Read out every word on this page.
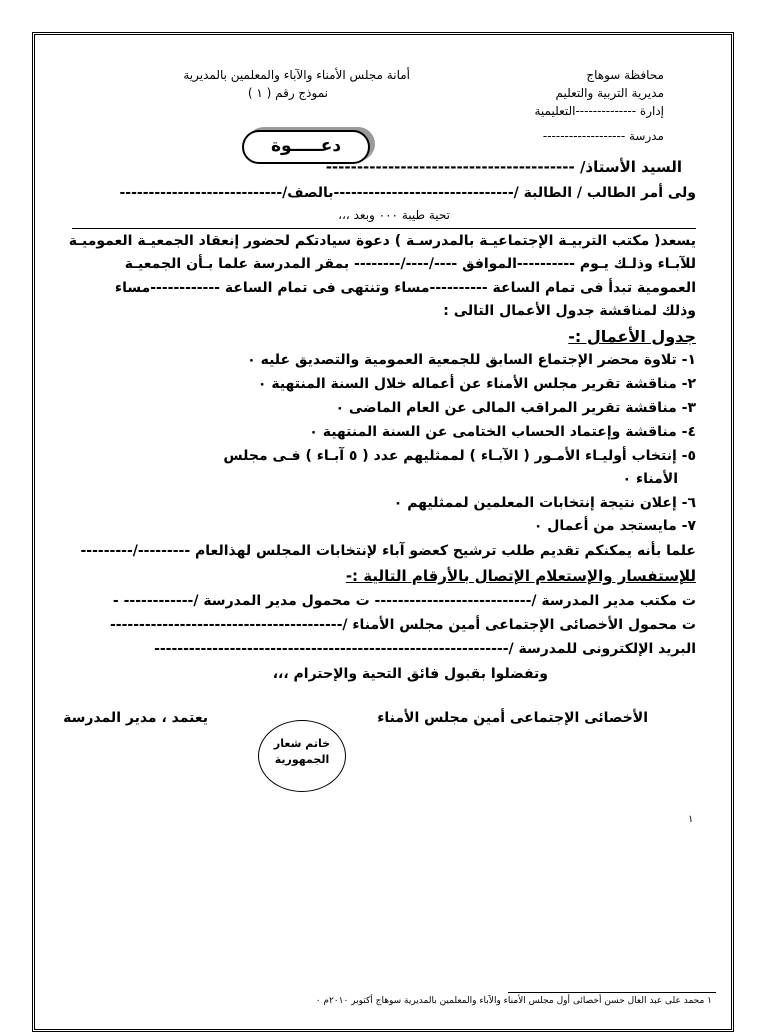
محافظة سوهاج
مديرية التربية والتعليم
إدارة --------------التعليمية
مدرسة -------------------
أمانة مجلس الأمناء والآباء والمعلمين بالمديرية
نموذج رقم ( ١ )
دعـــــوة
السيد الأستاذ/ ----------------------------------------
ولى أمر الطالب / الطالبة /-------------------------------بالصف/----------------------------
تحية طيبة ٠٠٠ وبعد ،،،
يسعد( مكتب التربيـة الإجتماعيـة بالمدرسـة ) دعوة سيادتكم لحضور إنعقاد الجمعيـة العموميـة
للآبـاء وذلـك يـوم ----------الموافق ----/----/-------- بمقر المدرسة علما بـأن الجمعيـة
العمومية تبدأ فى تمام الساعة ----------مساء وتنتهى فى تمام الساعة ------------مساء
وذلك لمناقشة جدول الأعمال التالى :
جدول الأعمال :-
١- تلاوة محضر الإجتماع السابق للجمعية العمومية والتصديق عليه ٠
٢- مناقشة تقرير مجلس الأمناء عن أعماله خلال السنة المنتهية ٠
٣- مناقشة تقرير المراقب المالى عن العام الماضى ٠
٤- مناقشة وإعتماد الحساب الختامى عن السنة المنتهية ٠
٥- إنتخاب أوليـاء الأمـور ( الآبـاء ) لممثليهم عدد ( ٥ آبـاء ) فـى مجلس
الأمناء ٠
٦- إعلان نتيجة إنتخابات المعلمين لممثليهم ٠
٧- مايستجد من أعمال ٠
علما بأنه يمكنكم تقديم طلب ترشيح كعضو آباء لإنتخابات المجلس لهذالعام ---------/---------
للإستفسار والإستعلام الإتصال بالأرقام التالية :-
ت مكتب مدير المدرسة /--------------------------- ت محمول مدير المدرسة /------------ -
ت محمول الأخصائى الإجتماعى أمين مجلس الأمناء /----------------------------------------
البريد الإلكترونى للمدرسة /-------------------------------------------------------------
وتفضلوا بقبول فائق التحية والإحترام ،،،
الأخصائى الإجتماعى أمين مجلس الأمناء
يعتمد ، مدير المدرسة
خاتم شعار الجمهورية
١
١ محمد على عبد العال حسن أخصائى أول مجلس الأمناء والآباء والمعلمين بالمديرية سوهاج أكتوبر ٢٠١٠م ٠
